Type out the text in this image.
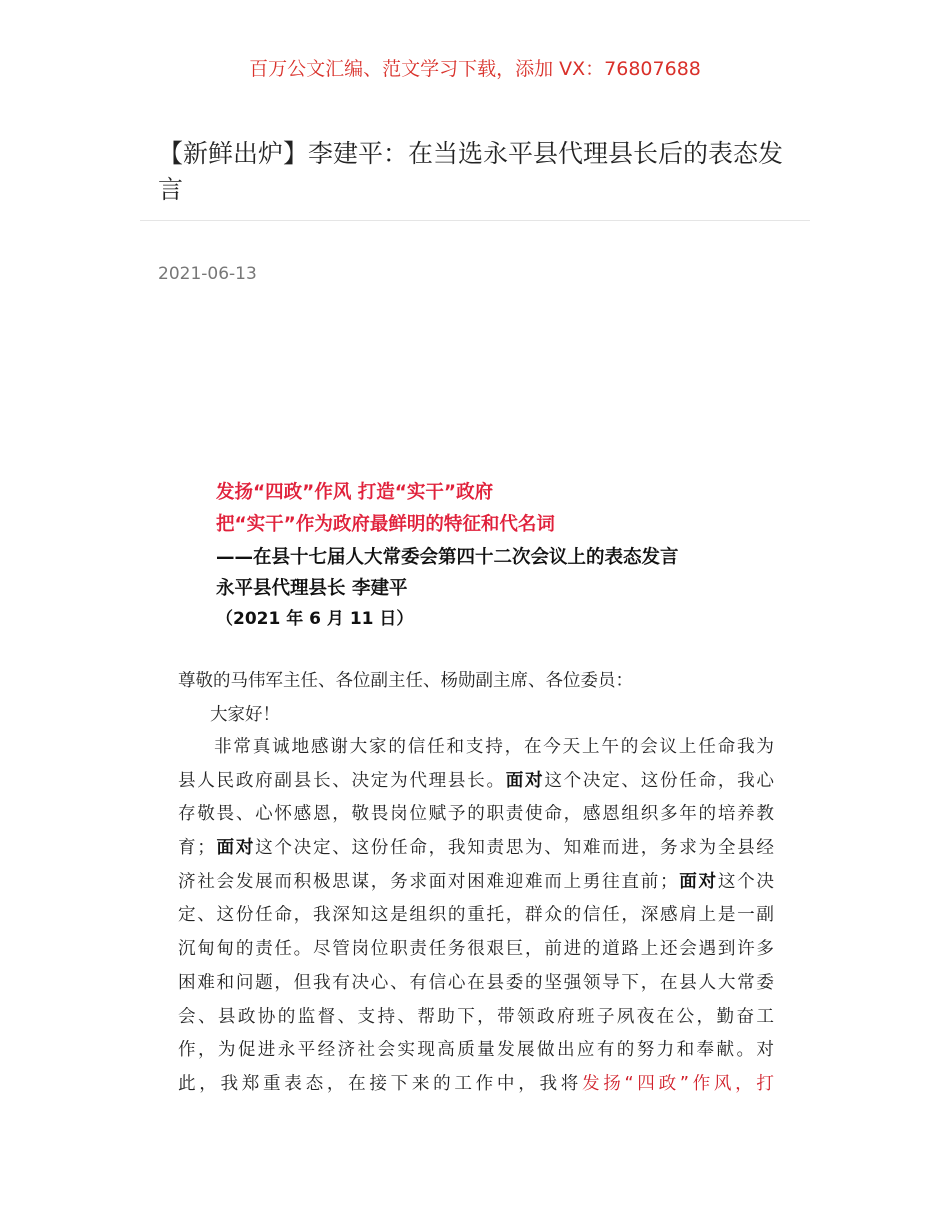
百万公文汇编、范文学习下载，添加 VX：76807688
【新鲜出炉】李建平：在当选永平县代理县长后的表态发言
2021-06-13
发扬“四政”作风 打造“实干”政府
把“实干”作为政府最鲜明的特征和代名词
——在县十七届人大常委会第四十二次会议上的表态发言
永平县代理县长 李建平
（2021 年 6 月 11 日）
尊敬的马伟军主任、各位副主任、杨勋副主席、各位委员：
大家好！
非常真诚地感谢大家的信任和支持，在今天上午的会议上任命我为
县人民政府副县长、决定为代理县长。面对这个决定、这份任命，我心
存敬畏、心怀感恩，敬畏岗位赋予的职责使命，感恩组织多年的培养教
育；面对这个决定、这份任命，我知责思为、知难而进，务求为全县经
济社会发展而积极思谋，务求面对困难迎难而上勇往直前；面对这个决
定、这份任命，我深知这是组织的重托，群众的信任，深感肩上是一副
沉甸甸的责任。尽管岗位职责任务很艰巨，前进的道路上还会遇到许多
困难和问题，但我有决心、有信心在县委的坚强领导下，在县人大常委
会、县政协的监督、支持、帮助下，带领政府班子夙夜在公，勤奋工
作，为促进永平经济社会实现高质量发展做出应有的努力和奉献。对
此，我郑重表态，在接下来的工作中，我将发扬“四政”作风，打
